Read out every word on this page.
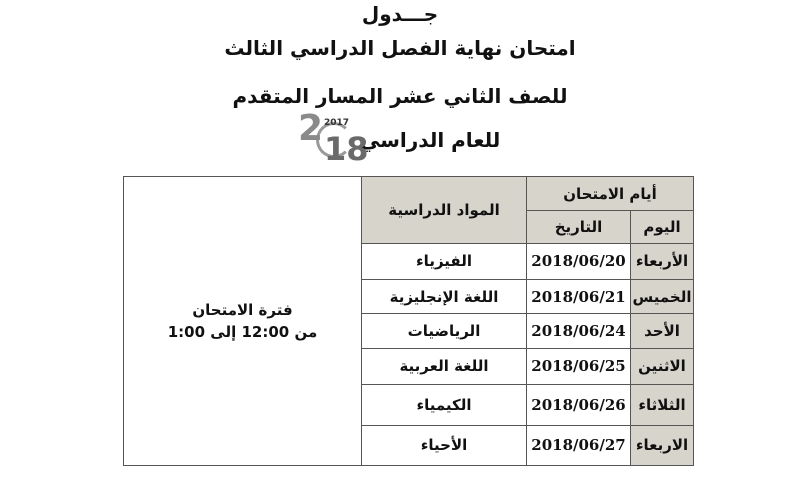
جـــدول
امتحان نهاية الفصل الدراسي الثالث
للصف الثاني عشر المسار المتقدم
للعام الدراسي
2 2017
18
أيام الامتحان		المواد الدراسية	فترة الامتحان
من 12:00 إلى 1:00

اليوم	التاريخ		
الأربعاء	2018/06/20	الفيزياء	
الخميس	2018/06/21	اللغة الإنجليزية	
الأحد	2018/06/24	الرياضيات	
الاثنين	2018/06/25	اللغة العربية	
الثلاثاء	2018/06/26	الكيمياء	
الاربعاء	2018/06/27	الأحياء	
